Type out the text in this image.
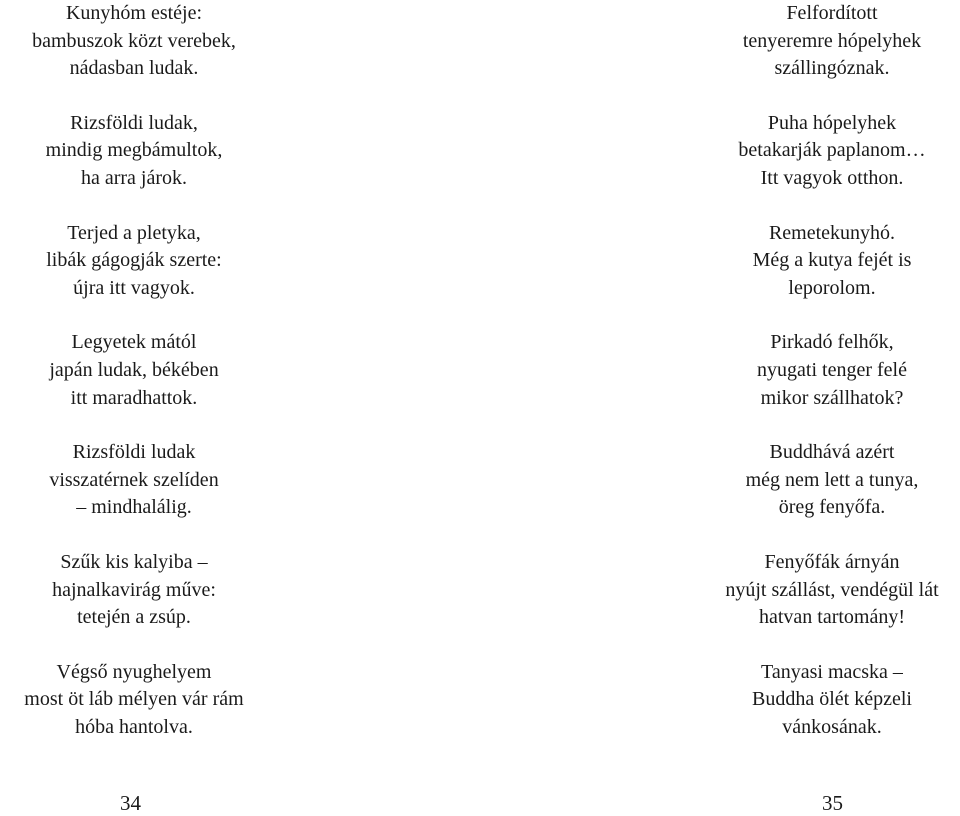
Kunyhóm estéje:
bambuszok közt verebek,
nádasban ludak.
Rizsföldi ludak,
mindig megbámultok,
ha arra járok.
Terjed a pletyka,
libák gágogják szerte:
újra itt vagyok.
Legyetek mától
japán ludak, békében
itt maradhattok.
Rizsföldi ludak
visszatérnek szelíden
– mindhalálig.
Szűk kis kalyiba –
hajnalkavirág műve:
tetején a zsúp.
Végső nyughelyem
most öt láb mélyen vár rám
hóba hantolva.
Felfordított
tenyeremre hópelyhek
szállingóznak.
Puha hópelyhek
betakarják paplanom…
Itt vagyok otthon.
Remetekunyhó.
Még a kutya fejét is
leporolom.
Pirkadó felhők,
nyugati tenger felé
mikor szállhatok?
Buddhává azért
még nem lett a tunya,
öreg fenyőfa.
Fenyőfák árnyán
nyújt szállást, vendégül lát
hatvan tartomány!
Tanyasi macska –
Buddha ölét képzeli
vánkosának.
34	35
